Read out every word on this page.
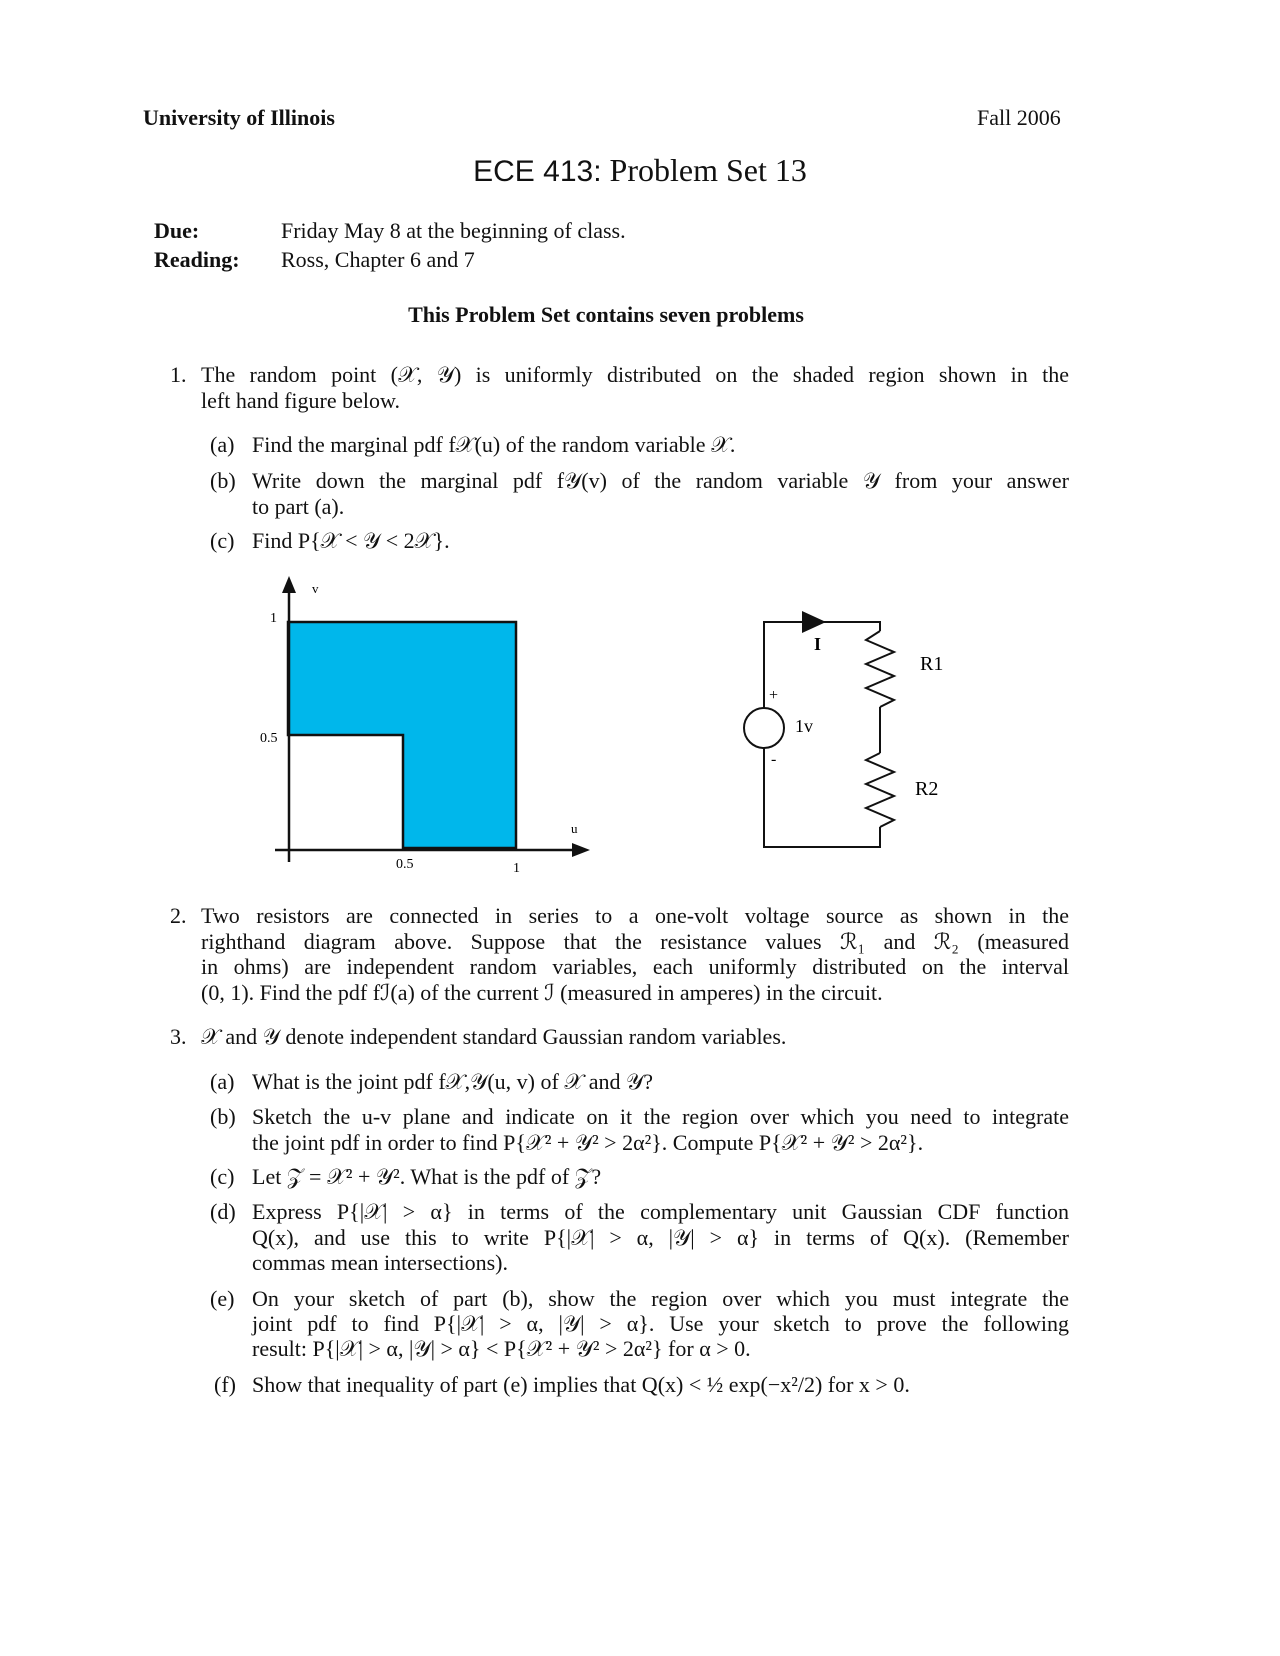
University of Illinois	Fall 2006
ECE 413: Problem Set 13
Due:	Friday May 8 at the beginning of class.
Reading: Ross, Chapter 6 and 7
This Problem Set contains seven problems
1. The random point (𝒳, 𝒴) is uniformly distributed on the shaded region shown in the
left hand figure below.
(a) Find the marginal pdf f𝒳(u) of the random variable 𝒳.
(b) Write down the marginal pdf f𝒴(v) of the random variable 𝒴 from your answer
to part (a).
(c) Find P{𝒳 < 𝒴 < 2𝒳}.
v
u
1
0.5
0.5	1
I
R1
R2
+
1v
-
2. Two resistors are connected in series to a one-volt voltage source as shown in the
righthand diagram above. Suppose that the resistance values ℛ₁ and ℛ₂ (measured
in ohms) are independent random variables, each uniformly distributed on the interval
(0, 1). Find the pdf fℐ(a) of the current ℐ (measured in amperes) in the circuit.
3. 𝒳 and 𝒴 denote independent standard Gaussian random variables.
(a) What is the joint pdf f𝒳,𝒴(u, v) of 𝒳 and 𝒴?
(b) Sketch the u-v plane and indicate on it the region over which you need to integrate
the joint pdf in order to find P{𝒳² + 𝒴² > 2α²}. Compute P{𝒳² + 𝒴² > 2α²}.
(c) Let 𝒵 = 𝒳² + 𝒴². What is the pdf of 𝒵?
(d) Express P{|𝒳| > α} in terms of the complementary unit Gaussian CDF function
Q(x), and use this to write P{|𝒳| > α, |𝒴| > α} in terms of Q(x). (Remember
commas mean intersections).
(e) On your sketch of part (b), show the region over which you must integrate the
joint pdf to find P{|𝒳| > α, |𝒴| > α}. Use your sketch to prove the following
result: P{|𝒳| > α, |𝒴| > α} < P{𝒳² + 𝒴² > 2α²} for α > 0.
(f) Show that inequality of part (e) implies that Q(x) < ½ exp(−x²/2) for x > 0.
